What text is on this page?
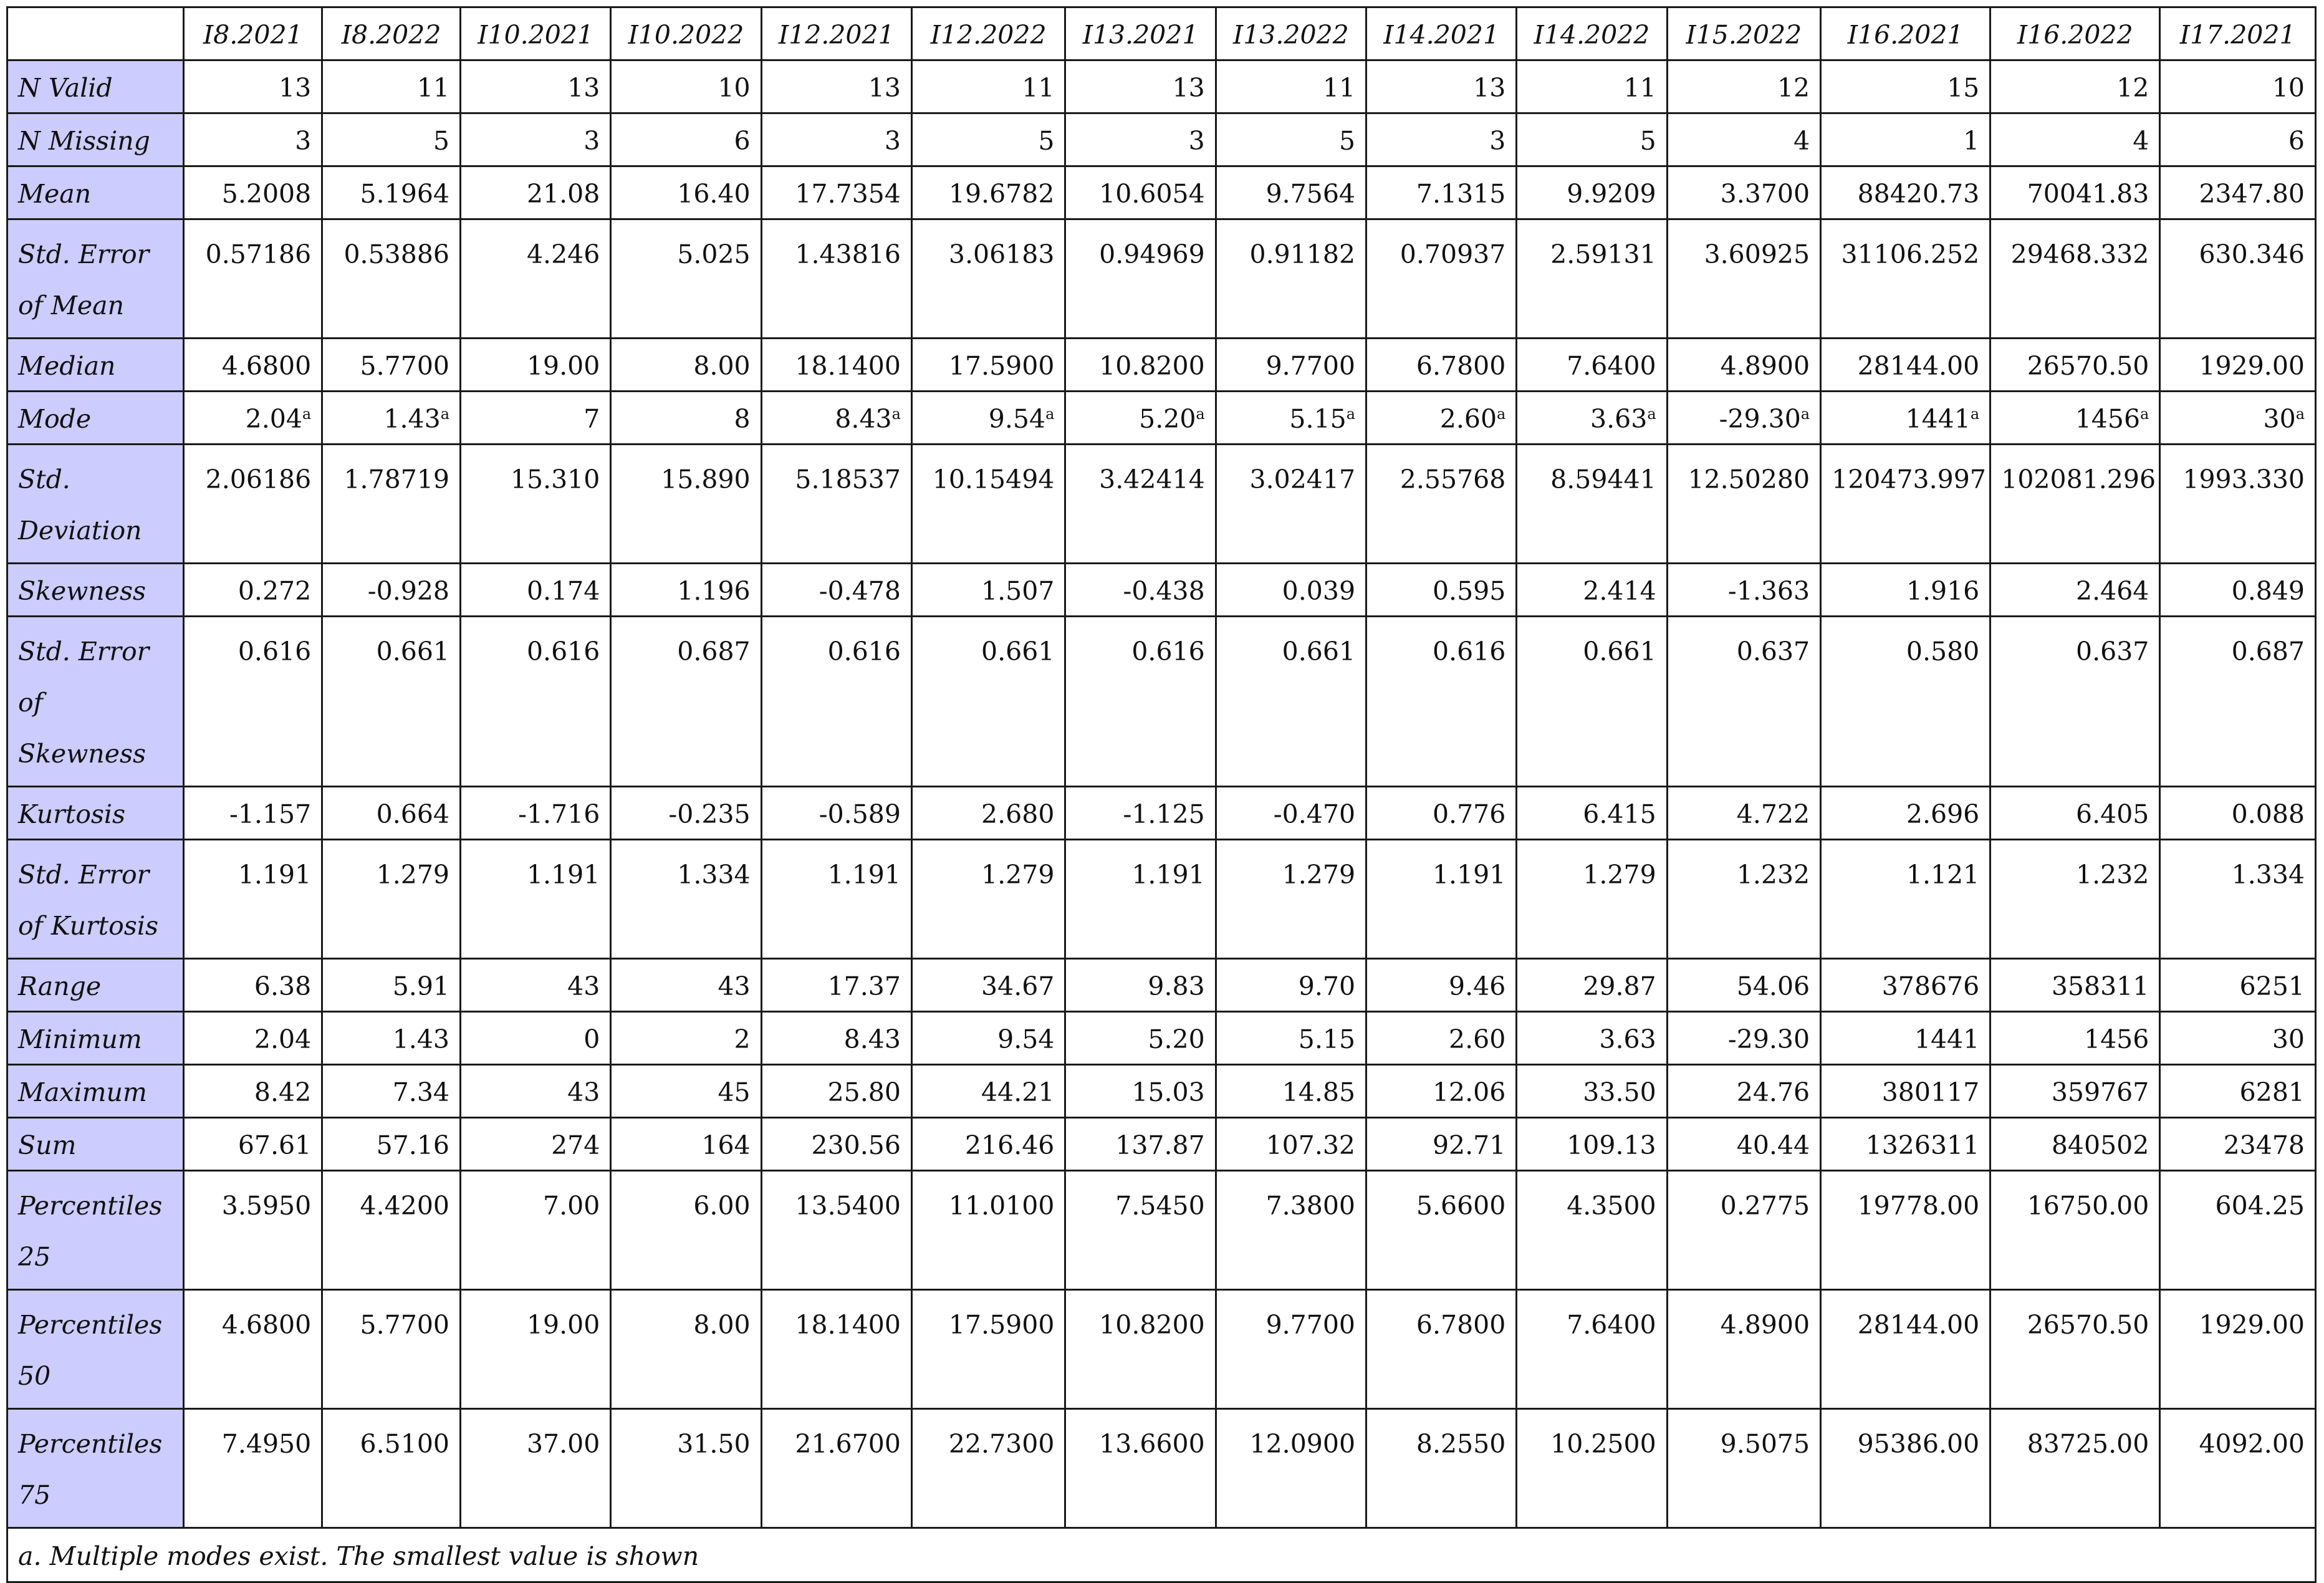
	I8.2021	I8.2022	I10.2021	I10.2022	I12.2021	I12.2022	I13.2021	I13.2022	I14.2021	I14.2022	I15.2022	I16.2021	I16.2022	I17.2021
N Valid	13	11	13	10	13	11	13	11	13	11	12	15	12	10
N Missing	3	5	3	6	3	5	3	5	3	5	4	1	4	6
Mean	5.2008	5.1964	21.08	16.40	17.7354	19.6782	10.6054	9.7564	7.1315	9.9209	3.3700	88420.73	70041.83	2347.80
Std. Error of Mean	0.57186	0.53886	4.246	5.025	1.43816	3.06183	0.94969	0.91182	0.70937	2.59131	3.60925	31106.252	29468.332	630.346
Median	4.6800	5.7700	19.00	8.00	18.1400	17.5900	10.8200	9.7700	6.7800	7.6400	4.8900	28144.00	26570.50	1929.00
Mode	2.04$^a$	1.43$^a$	7	8	8.43$^a$	9.54$^a$	5.20$^a$	5.15$^a$	2.60$^a$	3.63$^a$	-29.30$^a$	1441$^a$	1456$^a$	30$^a$
Std. Deviation	2.06186	1.78719	15.310	15.890	5.18537	10.15494	3.42414	3.02417	2.55768	8.59441	12.50280	120473.997	102081.296	1993.330
Skewness	0.272	-0.928	0.174	1.196	-0.478	1.507	-0.438	0.039	0.595	2.414	-1.363	1.916	2.464	0.849
Std. Error of Skewness	0.616	0.661	0.616	0.687	0.616	0.661	0.616	0.661	0.616	0.661	0.637	0.580	0.637	0.687
Kurtosis	-1.157	0.664	-1.716	-0.235	-0.589	2.680	-1.125	-0.470	0.776	6.415	4.722	2.696	6.405	0.088
Std. Error of Kurtosis	1.191	1.279	1.191	1.334	1.191	1.279	1.191	1.279	1.191	1.279	1.232	1.121	1.232	1.334
Range	6.38	5.91	43	43	17.37	34.67	9.83	9.70	9.46	29.87	54.06	378676	358311	6251
Minimum	2.04	1.43	0	2	8.43	9.54	5.20	5.15	2.60	3.63	-29.30	1441	1456	30
Maximum	8.42	7.34	43	45	25.80	44.21	15.03	14.85	12.06	33.50	24.76	380117	359767	6281
Sum	67.61	57.16	274	164	230.56	216.46	137.87	107.32	92.71	109.13	40.44	1326311	840502	23478
Percentiles 25	3.5950	4.4200	7.00	6.00	13.5400	11.0100	7.5450	7.3800	5.6600	4.3500	0.2775	19778.00	16750.00	604.25
Percentiles 50	4.6800	5.7700	19.00	8.00	18.1400	17.5900	10.8200	9.7700	6.7800	7.6400	4.8900	28144.00	26570.50	1929.00
Percentiles 75	7.4950	6.5100	37.00	31.50	21.6700	22.7300	13.6600	12.0900	8.2550	10.2500	9.5075	95386.00	83725.00	4092.00
a. Multiple modes exist. The smallest value is shown														
